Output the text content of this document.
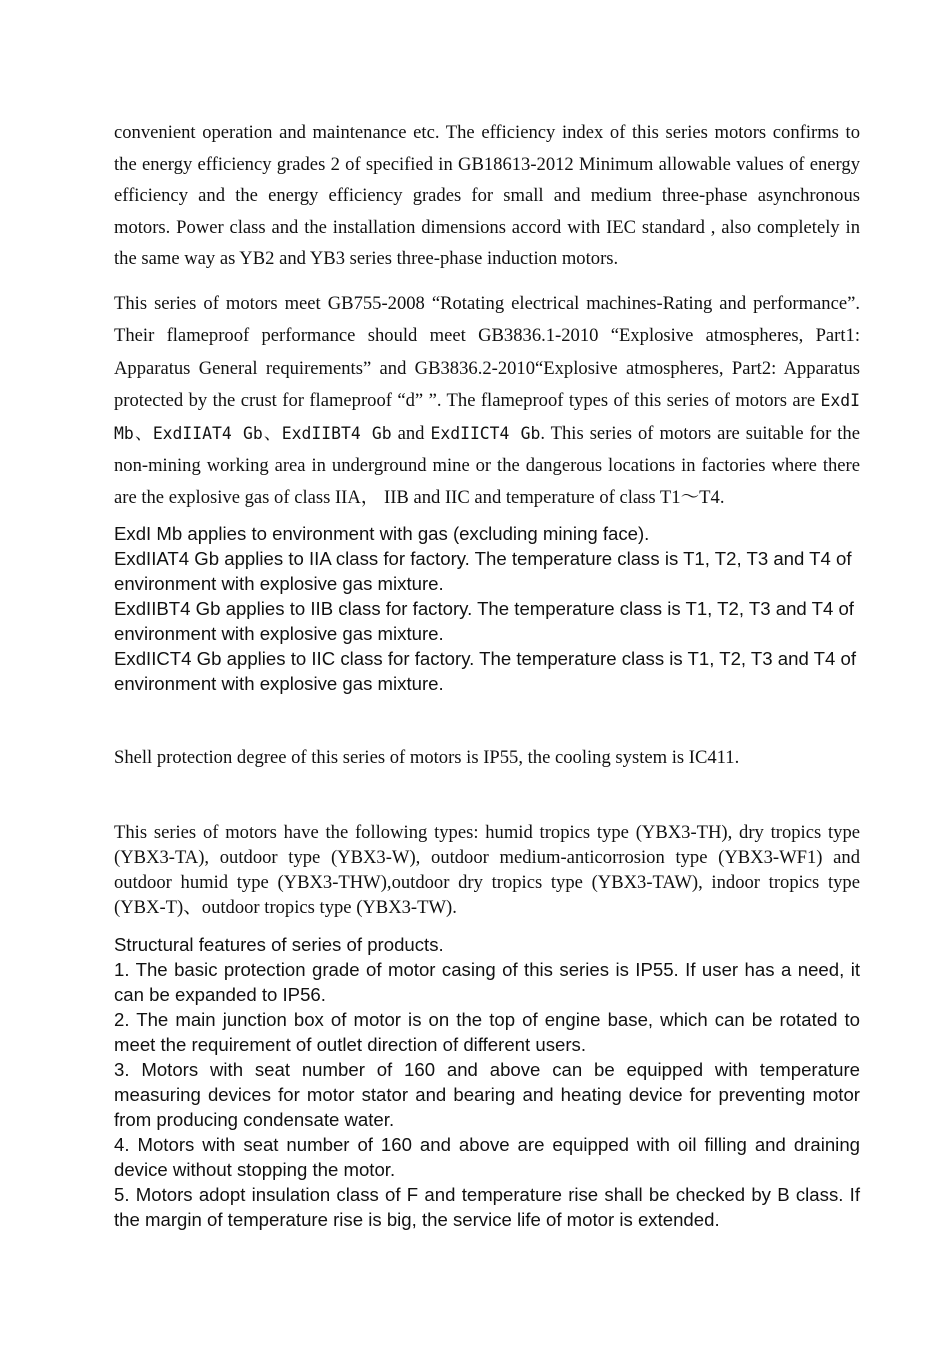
convenient operation and maintenance etc. The efficiency index of this series motors confirms to the energy efficiency grades 2 of specified in GB18613-2012 Minimum allowable values of energy efficiency and the energy efficiency grades for small and medium three-phase asynchronous motors. Power class and the installation dimensions accord with IEC standard , also completely in the same way as YB2 and YB3 series three-phase induction motors.

This series of motors meet GB755-2008 “Rotating electrical machines-Rating and performance”. Their flameproof performance should meet GB3836.1-2010 “Explosive atmospheres, Part1: Apparatus General requirements” and GB3836.2-2010“Explosive atmospheres, Part2: Apparatus protected by the crust for flameproof “d” ”. The flameproof types of this series of motors are ExdI Mb、ExdIIAT4 Gb、ExdIIBT4 Gb and ExdIICT4 Gb. This series of motors are suitable for the non-mining working area in underground mine or the dangerous locations in factories where there are the explosive gas of class IIA， IIB and IIC and temperature of class T1～T4.

ExdI Mb applies to environment with gas (excluding mining face).
ExdIIAT4 Gb applies to IIA class for factory. The temperature class is T1, T2, T3 and T4 of environment with explosive gas mixture.
ExdIIBT4 Gb applies to IIB class for factory. The temperature class is T1, T2, T3 and T4 of environment with explosive gas mixture.
ExdIICT4 Gb applies to IIC class for factory. The temperature class is T1, T2, T3 and T4 of environment with explosive gas mixture.

Shell protection degree of this series of motors is IP55, the cooling system is IC411.

This series of motors have the following types: humid tropics type (YBX3-TH), dry tropics type (YBX3-TA), outdoor type (YBX3-W), outdoor medium-anticorrosion type (YBX3-WF1) and outdoor humid type (YBX3-THW),outdoor dry tropics type (YBX3-TAW), indoor tropics type (YBX-T)、outdoor tropics type (YBX3-TW).

Structural features of series of products.
1. The basic protection grade of motor casing of this series is IP55. If user has a need, it can be expanded to IP56.
2. The main junction box of motor is on the top of engine base, which can be rotated to meet the requirement of outlet direction of different users.
3. Motors with seat number of 160 and above can be equipped with temperature measuring devices for motor stator and bearing and heating device for preventing motor from producing condensate water.
4. Motors with seat number of 160 and above are equipped with oil filling and draining device without stopping the motor.
5. Motors adopt insulation class of F and temperature rise shall be checked by B class. If the margin of temperature rise is big, the service life of motor is extended.
